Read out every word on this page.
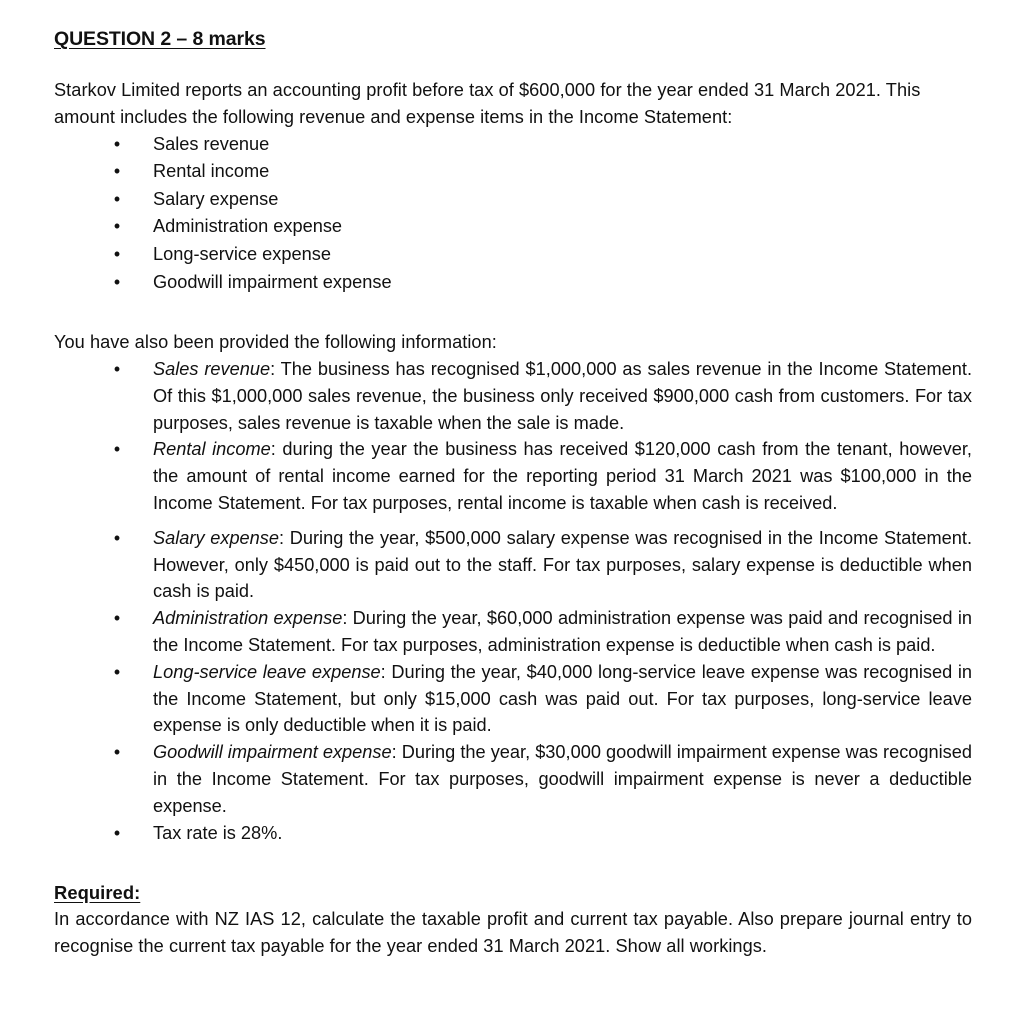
QUESTION 2 – 8 marks

Starkov Limited reports an accounting profit before tax of $600,000 for the year ended 31 March 2021. This amount includes the following revenue and expense items in the Income Statement:

• Sales revenue
• Rental income
• Salary expense
• Administration expense
• Long-service expense
• Goodwill impairment expense

You have also been provided the following information:

• Sales revenue: The business has recognised $1,000,000 as sales revenue in the Income Statement. Of this $1,000,000 sales revenue, the business only received $900,000 cash from customers. For tax purposes, sales revenue is taxable when the sale is made.
• Rental income: during the year the business has received $120,000 cash from the tenant, however, the amount of rental income earned for the reporting period 31 March 2021 was $100,000 in the Income Statement. For tax purposes, rental income is taxable when cash is received.
• Salary expense: During the year, $500,000 salary expense was recognised in the Income Statement. However, only $450,000 is paid out to the staff. For tax purposes, salary expense is deductible when cash is paid.
• Administration expense: During the year, $60,000 administration expense was paid and recognised in the Income Statement. For tax purposes, administration expense is deductible when cash is paid.
• Long-service leave expense: During the year, $40,000 long-service leave expense was recognised in the Income Statement, but only $15,000 cash was paid out. For tax purposes, long-service leave expense is only deductible when it is paid.
• Goodwill impairment expense: During the year, $30,000 goodwill impairment expense was recognised in the Income Statement. For tax purposes, goodwill impairment expense is never a deductible expense.
• Tax rate is 28%.

Required:

In accordance with NZ IAS 12, calculate the taxable profit and current tax payable. Also prepare journal entry to recognise the current tax payable for the year ended 31 March 2021. Show all workings.
